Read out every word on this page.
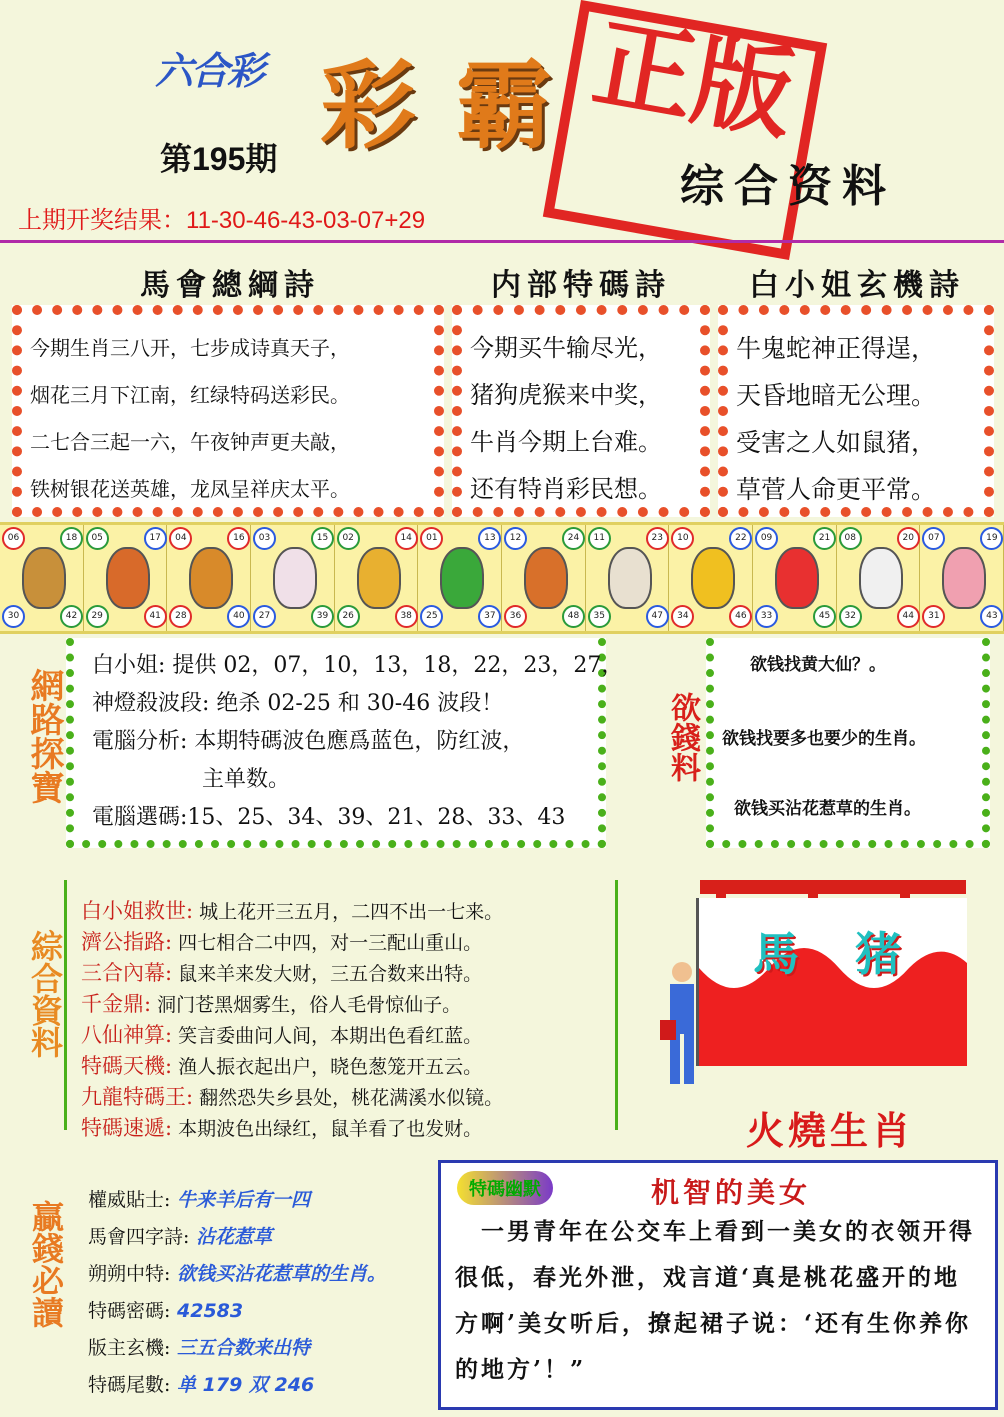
六合彩 彩霸
正版
第195期
综合资料
上期开奖结果：11-30-46-43-03-07+29
馬會總綱詩	内部特碼詩	白小姐玄機詩
今期生肖三八开，七步成诗真天子，
烟花三月下江南，红绿特码送彩民。
二七合三起一六，午夜钟声更夫敲，
铁树银花送英雄，龙凤呈祥庆太平。
今期买牛输尽光，
猪狗虎猴来中奖，
牛肖今期上台难。
还有特肖彩民想。
牛鬼蛇神正得逞，
天昏地暗无公理。
受害之人如鼠猪，
草菅人命更平常。
06	18
30	42
05	17
29	41
04	16
28	40
03	15
27	39
02	14
26	38
01	13
25	37
12	24
36	48
11	23
35	47
10	22
34	46
09	21
33	45
08	20
32	44
07	19
31	43
網路探寶
白小姐: 提供 02，07，10，13，18，22，23，27，
神燈殺波段: 绝杀 02-25 和 30-46 波段！
電腦分析: 本期特碼波色應爲蓝色，防红波，
主单数。
電腦選碼:15、25、34、39、21、28、33、43
欲錢料
欲钱找黄大仙？。
欲钱找要多也要少的生肖。
欲钱买沾花惹草的生肖。
綜合資料
白小姐救世: 城上花开三五月，二四不出一七来。
濟公指路: 四七相合二中四，对一三配山重山。
三合內幕: 鼠来羊来发大财，三五合数来出特。
千金鼎: 洞门苍黑烟雾生，俗人毛骨惊仙子。
八仙神算: 笑言委曲问人间，本期出色看红蓝。
特碼天機: 渔人振衣起出户，晓色葱笼开五云。
九龍特碼王: 翻然恐失乡县处，桃花满溪水似镜。
特碼速遞: 本期波色出绿红，鼠羊看了也发财。
馬 猪
火燒生肖
贏錢必讀 權威貼士: 牛来羊后有一四
馬會四字詩: 沾花惹草
朔朔中特: 欲钱买沾花惹草的生肖。
特碼密碼: 42583
版主玄機: 三五合数来出特
特碼尾數: 单 179 双 246
特碼幽默	机智的美女
　一男青年在公交车上看到一美女的衣领开得很低，春光外泄，戏言道‘真是桃花盛开的地方啊’美女听后，撩起裙子说：‘还有生你养你的地方’！”
